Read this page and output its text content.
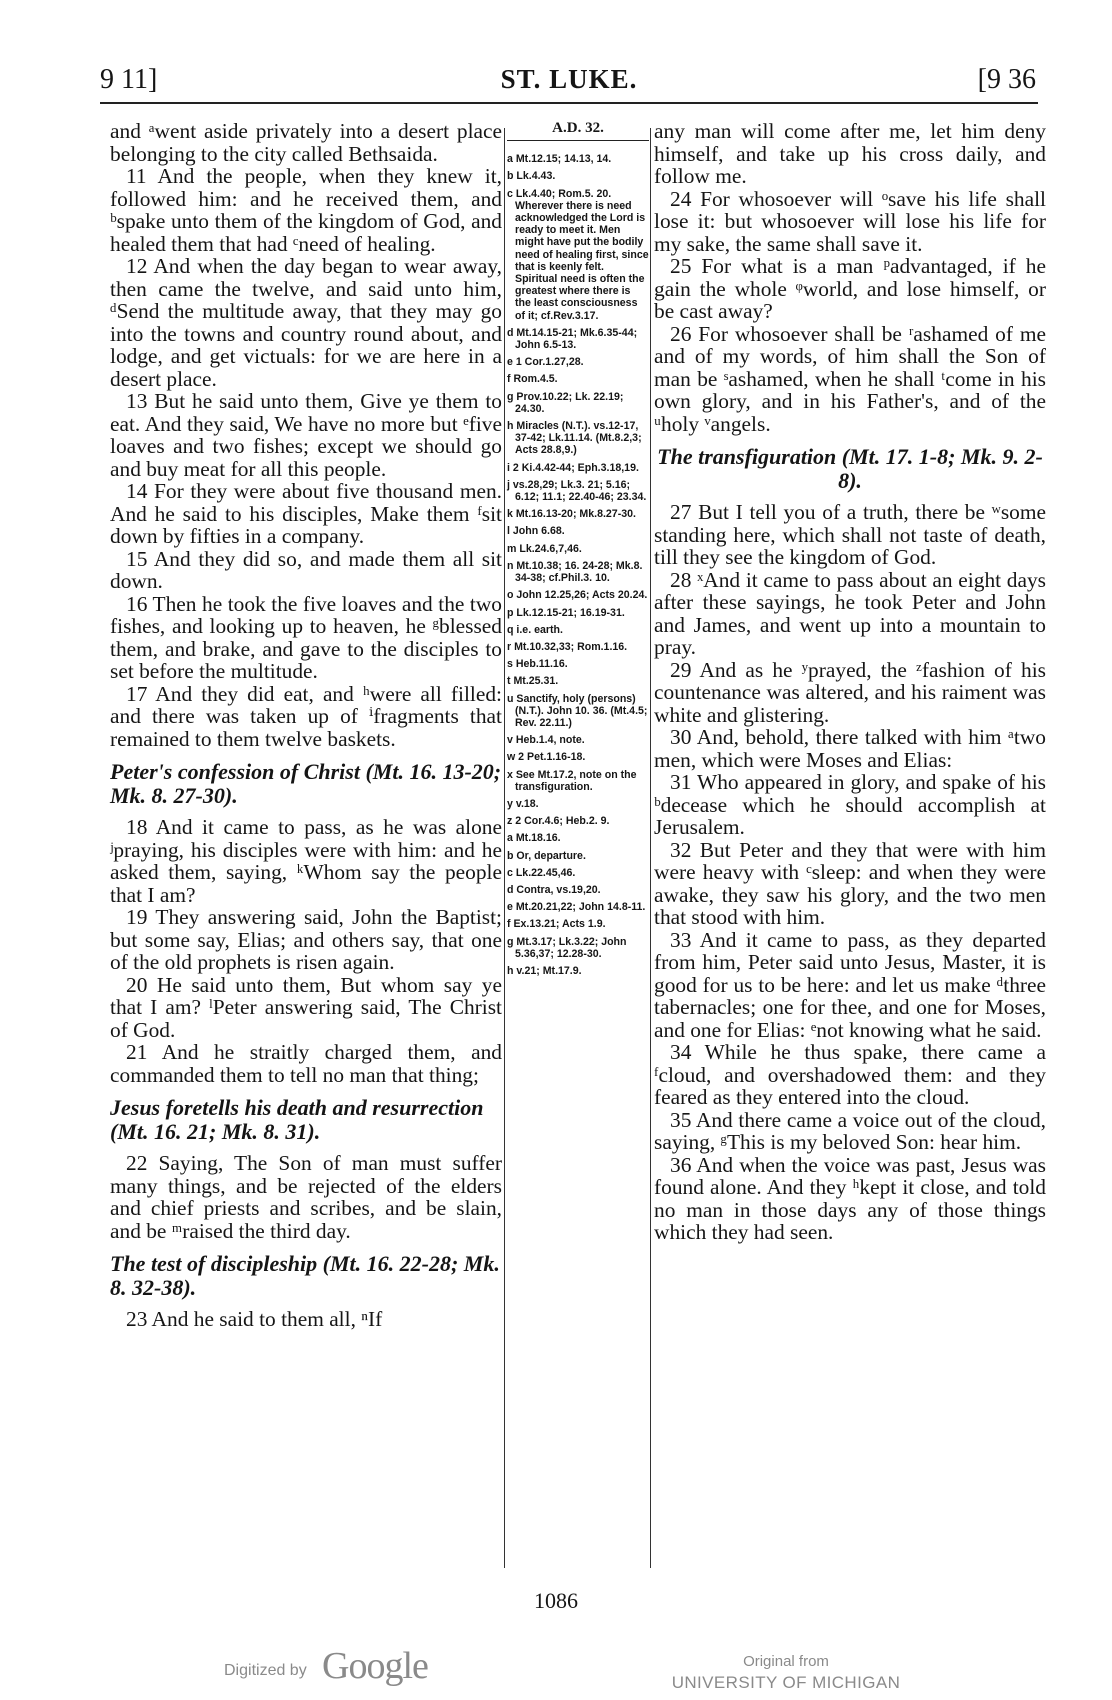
9 11]	ST. LUKE.	[9 36

and ᵃwent aside privately into a desert place belonging to the city called Bethsaida.

11 And the people, when they knew it, followed him: and he received them, and ᵇspake unto them of the kingdom of God, and healed them that had ᶜneed of healing.

12 And when the day began to wear away, then came the twelve, and said unto him, ᵈSend the multitude away, that they may go into the towns and country round about, and lodge, and get victuals: for we are here in a desert place.

13 But he said unto them, Give ye them to eat. And they said, We have no more but ᵉfive loaves and two fishes; except we should go and buy meat for all this people.

14 For they were about five thousand men. And he said to his disciples, Make them ᶠsit down by fifties in a company.

15 And they did so, and made them all sit down.

16 Then he took the five loaves and the two fishes, and looking up to heaven, he ᵍblessed them, and brake, and gave to the disciples to set before the multitude.

17 And they did eat, and ʰwere all filled: and there was taken up of ⁱfragments that remained to them twelve baskets.

Peter's confession of Christ (Mt. 16. 13-20; Mk. 8. 27-30).

18 And it came to pass, as he was alone ʲpraying, his disciples were with him: and he asked them, saying, ᵏWhom say the people that I am?

19 They answering said, John the Baptist; but some say, Elias; and others say, that one of the old prophets is risen again.

20 He said unto them, But whom say ye that I am? ˡPeter answering said, The Christ of God.

21 And he straitly charged them, and commanded them to tell no man that thing;

Jesus foretells his death and resurrection (Mt. 16. 21; Mk. 8. 31).

22 Saying, The Son of man must suffer many things, and be rejected of the elders and chief priests and scribes, and be slain, and be ᵐraised the third day.

The test of discipleship (Mt. 16. 22-28; Mk. 8. 32-38).

23 And he said to them all, ⁿIf

A.D. 32.
a Mt.12.15; 14.13, 14.
b Lk.4.43.
c Lk.4.40; Rom.5. 20. Wherever there is need acknowledged the Lord is ready to meet it. Men might have put the bodily need of healing first, since that is keenly felt. Spiritual need is often the greatest where there is the least consciousness of it; cf.Rev.3.17.
d Mt.14.15-21; Mk.6.35-44; John 6.5-13.
e 1 Cor.1.27,28.
f Rom.4.5.
g Prov.10.22; Lk. 22.19; 24.30.
h Miracles (N.T.). vs.12-17, 37-42; Lk.11.14. (Mt.8.2,3; Acts 28.8,9.)
i 2 Ki.4.42-44; Eph.3.18,19.
j vs.28,29; Lk.3. 21; 5.16; 6.12; 11.1; 22.40-46; 23.34.
k Mt.16.13-20; Mk.8.27-30.
l John 6.68.
m Lk.24.6,7,46.
n Mt.10.38; 16. 24-28; Mk.8. 34-38; cf.Phil.3. 10.
o John 12.25,26; Acts 20.24.
p Lk.12.15-21; 16.19-31.
q i.e. earth.
r Mt.10.32,33; Rom.1.16.
s Heb.11.16.
t Mt.25.31.
u Sanctify, holy (persons) (N.T.). John 10. 36. (Mt.4.5; Rev. 22.11.)
v Heb.1.4, note.
w 2 Pet.1.16-18.
x See Mt.17.2, note on the transfiguration.
y v.18.
z 2 Cor.4.6; Heb.2. 9.
a Mt.18.16.
b Or, departure.
c Lk.22.45,46.
d Contra, vs.19,20.
e Mt.20.21,22; John 14.8-11.
f Ex.13.21; Acts 1.9.
g Mt.3.17; Lk.3.22; John 5.36,37; 12.28-30.
h v.21; Mt.17.9.

any man will come after me, let him deny himself, and take up his cross daily, and follow me.

24 For whosoever will ᵒsave his life shall lose it: but whosoever will lose his life for my sake, the same shall save it.

25 For what is a man ᵖadvantaged, if he gain the whole ᵠworld, and lose himself, or be cast away?

26 For whosoever shall be ʳashamed of me and of my words, of him shall the Son of man be ˢashamed, when he shall ᵗcome in his own glory, and in his Father's, and of the ᵘholy ᵛangels.

The transfiguration (Mt. 17. 1-8; Mk. 9. 2-8).

27 But I tell you of a truth, there be ʷsome standing here, which shall not taste of death, till they see the kingdom of God.

28 ˣAnd it came to pass about an eight days after these sayings, he took Peter and John and James, and went up into a mountain to pray.

29 And as he ʸprayed, the ᶻfashion of his countenance was altered, and his raiment was white and glistering.

30 And, behold, there talked with him ᵃtwo men, which were Moses and Elias:

31 Who appeared in glory, and spake of his ᵇdecease which he should accomplish at Jerusalem.

32 But Peter and they that were with him were heavy with ᶜsleep: and when they were awake, they saw his glory, and the two men that stood with him.

33 And it came to pass, as they departed from him, Peter said unto Jesus, Master, it is good for us to be here: and let us make ᵈthree tabernacles; one for thee, and one for Moses, and one for Elias: ᵉnot knowing what he said.

34 While he thus spake, there came a ᶠcloud, and overshadowed them: and they feared as they entered into the cloud.

35 And there came a voice out of the cloud, saying, ᵍThis is my beloved Son: hear him.

36 And when the voice was past, Jesus was found alone. And they ʰkept it close, and told no man in those days any of those things which they had seen.

1086
Digitized by Google	Original from
UNIVERSITY OF MICHIGAN
